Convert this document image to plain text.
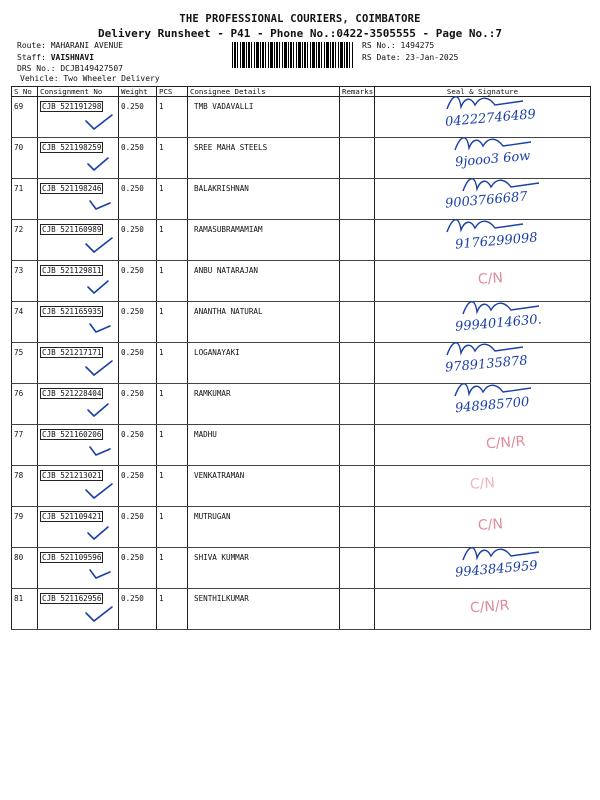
THE PROFESSIONAL COURIERS, COIMBATORE
Delivery Runsheet - P41 - Phone No.:0422-3505555 - Page No.:7
Route: MAHARANI AVENUE
Staff: VAISHNAVI
DRS No.: DCJB149427507
Vehicle: Two Wheeler Delivery
RS No.: 1494275
RS Date: 23-Jan-2025
S No	Consignment No	Weight	PCS	Consignee Details	Remarks	Seal & Signature

69	CJB 521191298	0.250	1	TMB VADAVALLI		04222746489

70	CJB 521198259	0.250	1	SREE MAHA STEELS		9jooo3 6ow

71	CJB 521198246	0.250	1	BALAKRISHNAN		9003766687

72	CJB 521160989	0.250	1	RAMASUBRAMAMIAM		9176299098

73	CJB 521129811	0.250	1	ANBU NATARAJAN		C/N

74	CJB 521165935	0.250	1	ANANTHA NATURAL		9994014630.

75	CJB 521217171	0.250	1	LOGANAYAKI		9789135878

76	CJB 521228404	0.250	1	RAMKUMAR		948985700

77	CJB 521160206	0.250	1	MADHU		C/N/R

78	CJB 521213021	0.250	1	VENKATRAMAN		C/N

79	CJB 521109421	0.250	1	MUTRUGAN		C/N

80	CJB 521109596	0.250	1	SHIVA KUMMAR		9943845959

81	CJB 521162956	0.250	1	SENTHILKUMAR		C/N/R
